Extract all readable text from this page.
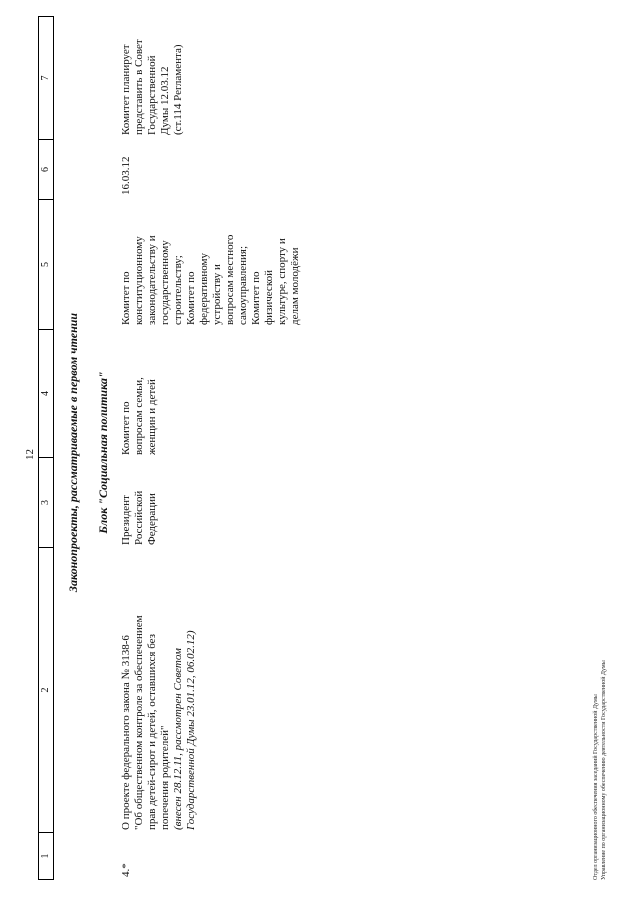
12
1
2
3
4
5
6
7
Законопроекты, рассматриваемые в первом чтении Блок "Социальная политика"
4.*
О проекте федерального закона № 3138-6 "Об общественном контроле за обеспечением прав детей-сирот и детей, оставшихся без попечения родителей" (внесен 28.12.11, рассмотрен Советом Государственной Думы 23.01.12, 06.02.12)
Президент Российской Федерации
Комитет по вопросам семьи, женщин и детей
Комитет по конституционному законодательству и государственному строительству; Комитет по федеративному устройству и вопросам местного самоуправления; Комитет по физической культуре, спорту и делам молодёжи
16.03.12
Комитет планирует представить в Совет Государственной Думы 12.03.12 (ст.114 Регламента)
Отдел организационного обеспечения заседаний Государственной Думы Управление по организационному обеспечению деятельности Государственной Думы
